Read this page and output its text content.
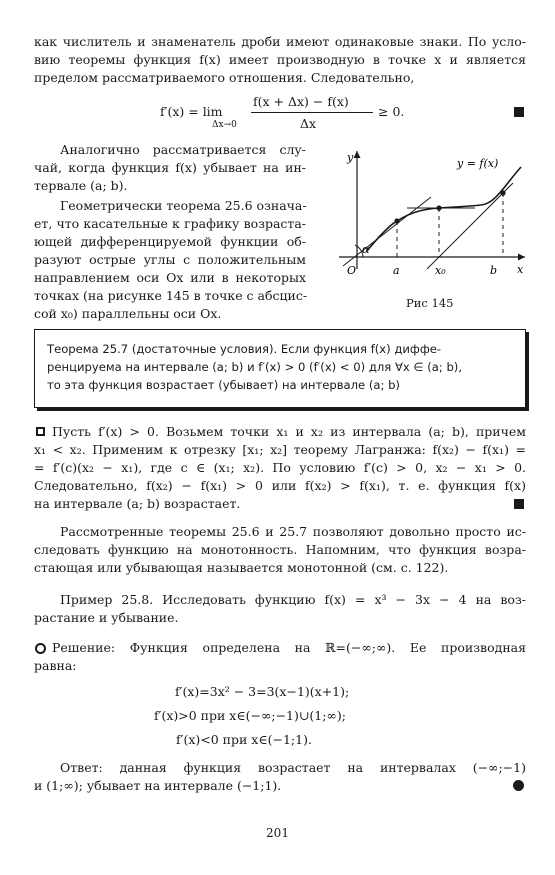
как числитель и знаменатель дроби имеют одинаковые знаки. По усло-
вию теоремы функция f(x) имеет производную в точке x и является
пределом рассматриваемого отношения. Следовательно,
f′(x) = lim
Δx→0
f(x + Δx) − f(x)
Δx
≥ 0.
Аналогично рассматривается слу-
чай, когда функция f(x) убывает на ин-
тервале (a; b).
Геометрически теорема 25.6 означа-
ет, что касательные к графику возраста-
ющей дифференцируемой функции об-
разуют острые углы с положительным
направлением оси Ox или в некоторых
точках (на рисунке 145 в точке c абсцис-
сой x₀) параллельны оси Ox.
y
x
O
y = f(x)
α
a	x₀	b
Рис 145
Теорема 25.7 (достаточные условия). Если функция f(x) диффе-
ренцируема на интервале (a; b) и f′(x) > 0 (f′(x) < 0) для ∀x ∈ (a; b),
то эта функция возрастает (убывает) на интервале (a; b)
Пусть f′(x) > 0. Возьмем точки x₁ и x₂ из интервала (a; b), причем
x₁ < x₂. Применим к отрезку [x₁; x₂] теорему Лагранжа: f(x₂) − f(x₁) =
= f′(c)(x₂ − x₁), где c ∈ (x₁; x₂). По условию f′(c) > 0, x₂ − x₁ > 0.
Следовательно, f(x₂) − f(x₁) > 0 или f(x₂) > f(x₁), т. е. функция f(x)
на интервале (a; b) возрастает.
Рассмотренные теоремы 25.6 и 25.7 позволяют довольно просто ис-
следовать функцию на монотонность. Напомним, что функция возра-
стающая или убывающая называется монотонной (см. с. 122).
Пример 25.8. Исследовать функцию f(x) = x³ − 3x − 4 на воз-
растание и убывание.
Решение: Функция определена на ℝ=(−∞;∞). Ее производная
равна:
f′(x)=3x² − 3=3(x−1)(x+1);
f′(x)>0 при x∈(−∞;−1)∪(1;∞);
f′(x)<0 при x∈(−1;1).
Ответ: данная функция возрастает на интервалах (−∞;−1)
и (1;∞); убывает на интервале (−1;1).
201
